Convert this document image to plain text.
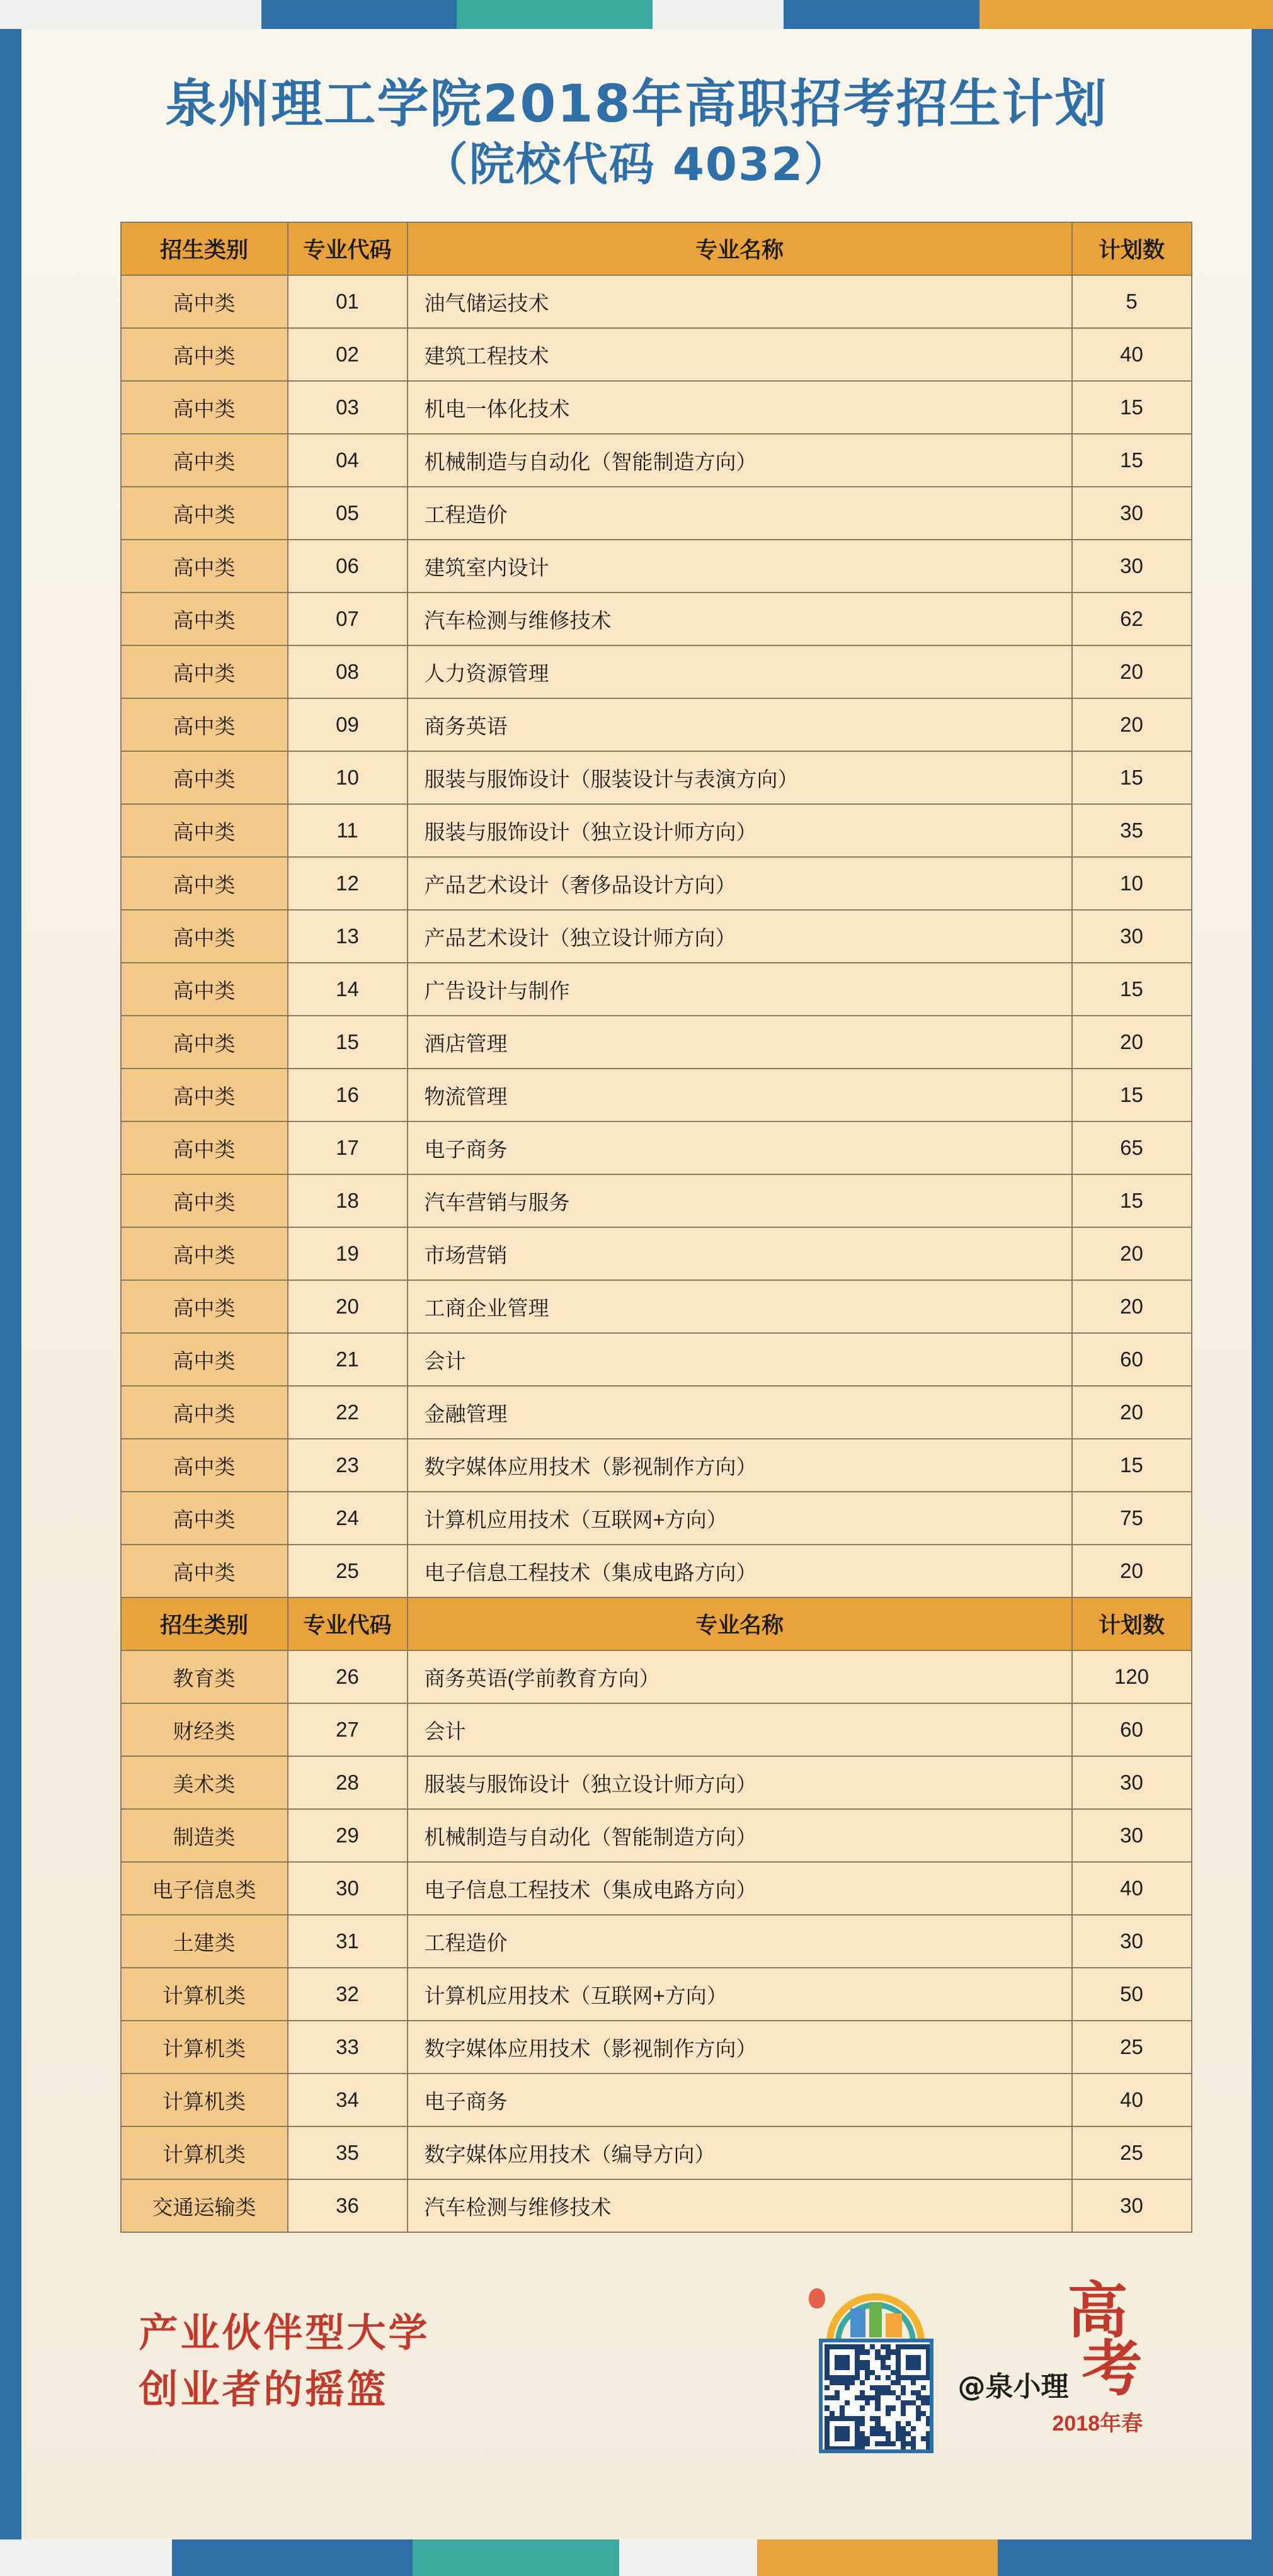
泉州理工学院2018年高职招考招生计划
（院校代码 4032）
招生类别	专业代码	专业名称	计划数
高中类	01	油气储运技术	5
高中类	02	建筑工程技术	40
高中类	03	机电一体化技术	15
高中类	04	机械制造与自动化（智能制造方向）	15
高中类	05	工程造价	30
高中类	06	建筑室内设计	30
高中类	07	汽车检测与维修技术	62
高中类	08	人力资源管理	20
高中类	09	商务英语	20
高中类	10	服装与服饰设计（服装设计与表演方向）	15
高中类	11	服装与服饰设计（独立设计师方向）	35
高中类	12	产品艺术设计（奢侈品设计方向）	10
高中类	13	产品艺术设计（独立设计师方向）	30
高中类	14	广告设计与制作	15
高中类	15	酒店管理	20
高中类	16	物流管理	15
高中类	17	电子商务	65
高中类	18	汽车营销与服务	15
高中类	19	市场营销	20
高中类	20	工商企业管理	20
高中类	21	会计	60
高中类	22	金融管理	20
高中类	23	数字媒体应用技术（影视制作方向）	15
高中类	24	计算机应用技术（互联网+方向）	75
高中类	25	电子信息工程技术（集成电路方向）	20
招生类别	专业代码	专业名称	计划数
教育类	26	商务英语(学前教育方向）	120
财经类	27	会计	60
美术类	28	服装与服饰设计（独立设计师方向）	30
制造类	29	机械制造与自动化（智能制造方向）	30
电子信息类	30	电子信息工程技术（集成电路方向）	40
土建类	31	工程造价	30
计算机类	32	计算机应用技术（互联网+方向）	50
计算机类	33	数字媒体应用技术（影视制作方向）	25
计算机类	34	电子商务	40
计算机类	35	数字媒体应用技术（编导方向）	25
交通运输类	36	汽车检测与维修技术	30
产业伙伴型大学
创业者的摇篮	@泉小理
高
考
2018年春
